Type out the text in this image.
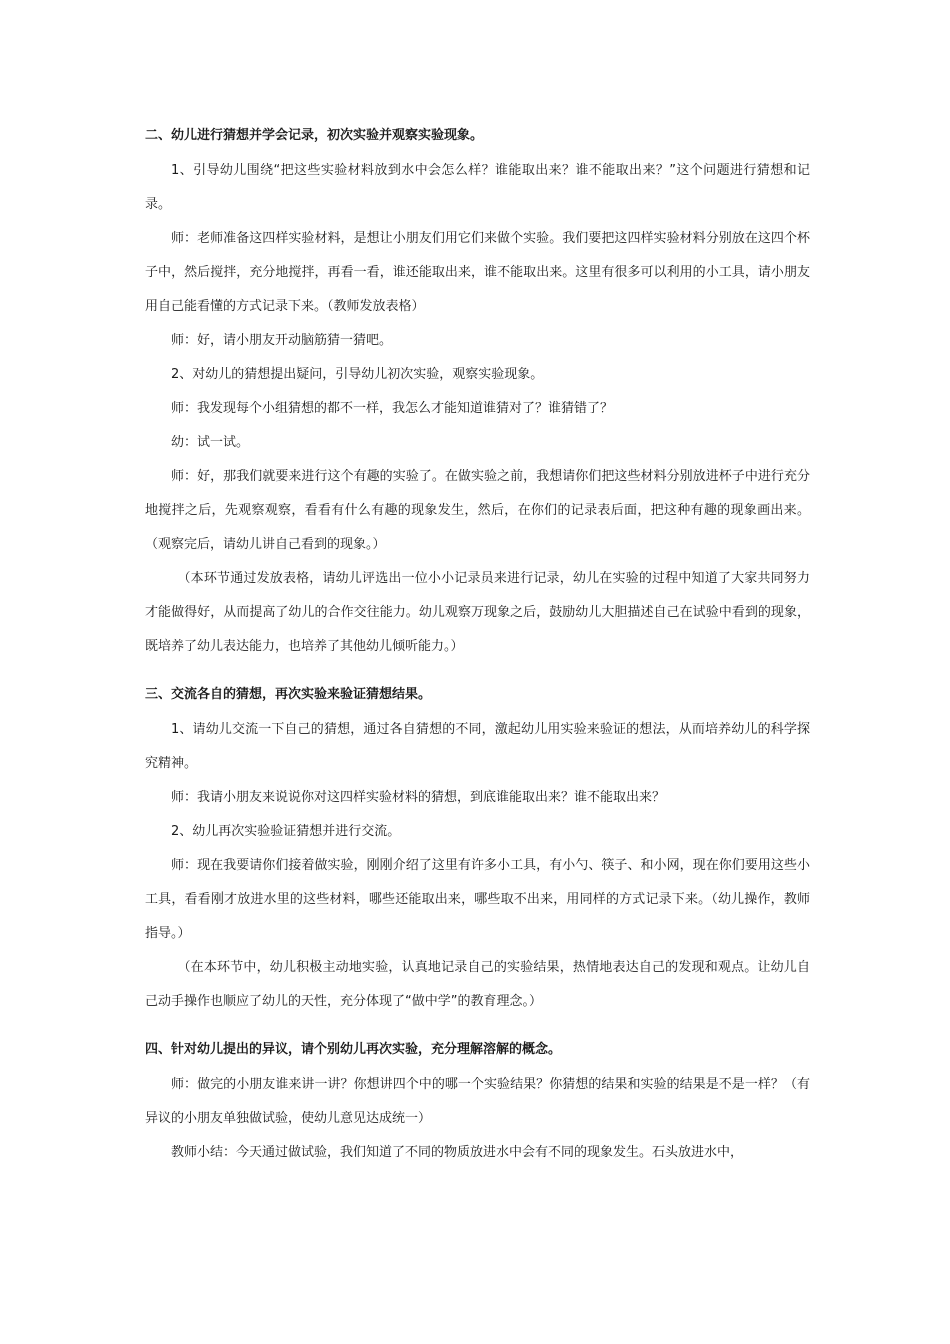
二、幼儿进行猜想并学会记录，初次实验并观察实验现象。

1、引导幼儿围绕“把这些实验材料放到水中会怎么样？谁能取出来？谁不能取出来？”这个问题进行猜想和记录。

师：老师准备这四样实验材料，是想让小朋友们用它们来做个实验。我们要把这四样实验材料分别放在这四个杯子中，然后搅拌，充分地搅拌，再看一看，谁还能取出来，谁不能取出来。这里有很多可以利用的小工具，请小朋友用自己能看懂的方式记录下来。（教师发放表格）

师：好，请小朋友开动脑筋猜一猜吧。

2、对幼儿的猜想提出疑问，引导幼儿初次实验，观察实验现象。

师：我发现每个小组猜想的都不一样，我怎么才能知道谁猜对了？谁猜错了？

幼：试一试。

师：好，那我们就要来进行这个有趣的实验了。在做实验之前，我想请你们把这些材料分别放进杯子中进行充分地搅拌之后，先观察观察，看看有什么有趣的现象发生，然后，在你们的记录表后面，把这种有趣的现象画出来。（观察完后，请幼儿讲自己看到的现象。）

（本环节通过发放表格，请幼儿评选出一位小小记录员来进行记录，幼儿在实验的过程中知道了大家共同努力才能做得好，从而提高了幼儿的合作交往能力。幼儿观察万现象之后，鼓励幼儿大胆描述自己在试验中看到的现象，既培养了幼儿表达能力，也培养了其他幼儿倾听能力。）

三、交流各自的猜想，再次实验来验证猜想结果。

1、请幼儿交流一下自己的猜想，通过各自猜想的不同，激起幼儿用实验来验证的想法，从而培养幼儿的科学探究精神。

师：我请小朋友来说说你对这四样实验材料的猜想，到底谁能取出来？谁不能取出来？

2、幼儿再次实验验证猜想并进行交流。

师：现在我要请你们接着做实验，刚刚介绍了这里有许多小工具，有小勺、筷子、和小网，现在你们要用这些小工具，看看刚才放进水里的这些材料，哪些还能取出来，哪些取不出来，用同样的方式记录下来。（幼儿操作，教师指导。）

（在本环节中，幼儿积极主动地实验，认真地记录自己的实验结果，热情地表达自己的发现和观点。让幼儿自己动手操作也顺应了幼儿的天性，充分体现了“做中学”的教育理念。）

四、针对幼儿提出的异议，请个别幼儿再次实验，充分理解溶解的概念。

师：做完的小朋友谁来讲一讲？你想讲四个中的哪一个实验结果？你猜想的结果和实验的结果是不是一样？（有异议的小朋友单独做试验，使幼儿意见达成统一）

教师小结：今天通过做试验，我们知道了不同的物质放进水中会有不同的现象发生。石头放进水中，
